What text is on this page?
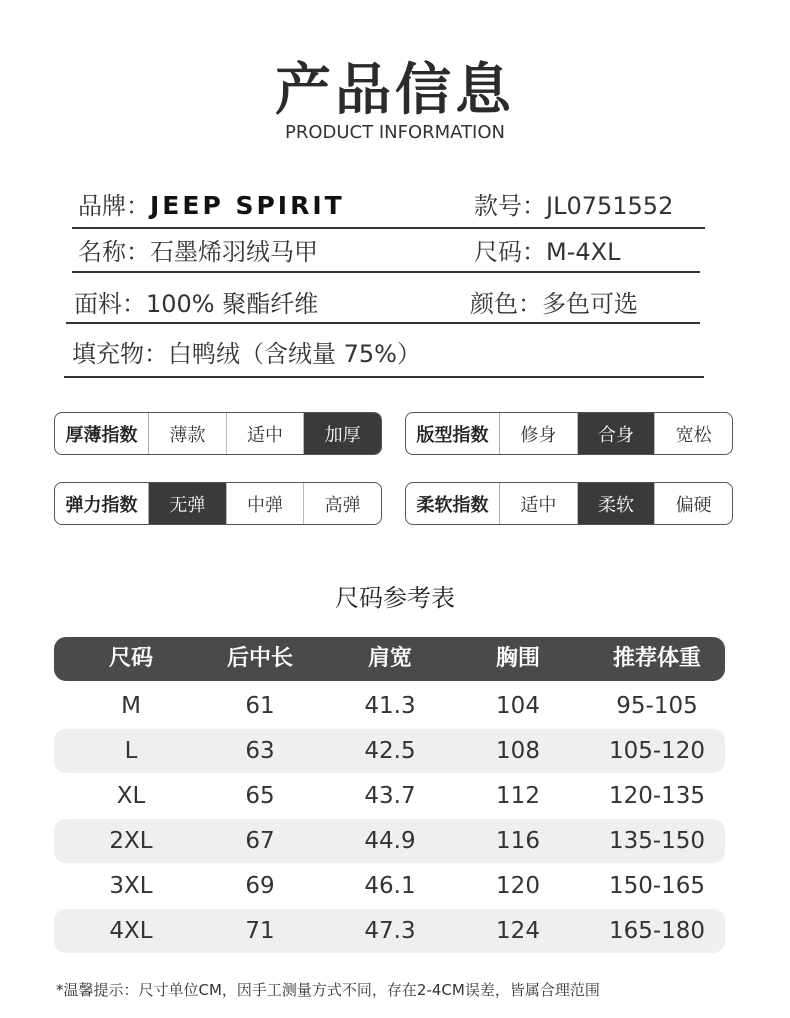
产品信息
PRODUCT INFORMATION
品牌：JEEP SPIRIT	款号：JL0751552
名称：石墨烯羽绒马甲	尺码：M-4XL
面料：100% 聚酯纤维	颜色：多色可选
填充物：白鸭绒（含绒量 75%）
厚薄指数	薄款	适中	加厚	版型指数	修身	合身	宽松
弹力指数	无弹	中弹	高弹	柔软指数	适中	柔软	偏硬
尺码参考表
尺码	后中长	肩宽	胸围	推荐体重
M	61	41.3	104	95-105
L	63	42.5	108	105-120
XL	65	43.7	112	120-135
2XL	67	44.9	116	135-150
3XL	69	46.1	120	150-165
4XL	71	47.3	124	165-180
*温馨提示：尺寸单位CM，因手工测量方式不同，存在2-4CM误差，皆属合理范围
